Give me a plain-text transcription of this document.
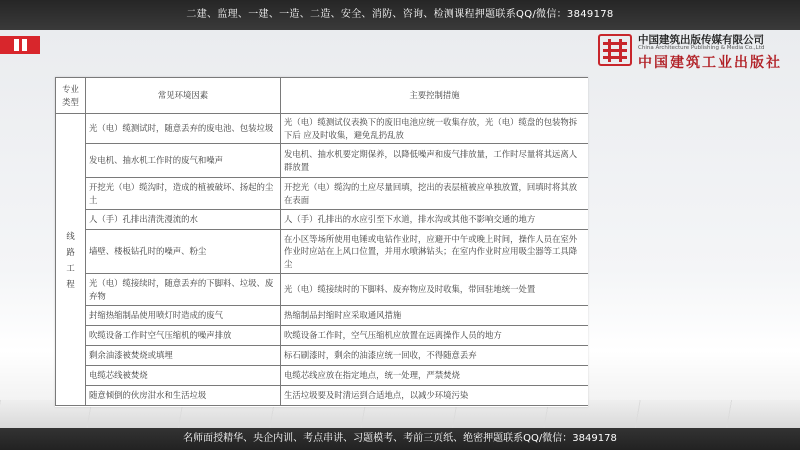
二建、监理、一建、一造、二造、安全、消防、咨询、检测课程押题联系QQ/微信：3849178
中国建筑出版传媒有限公司
China Architecture Publishing & Media Co.,Ltd
中国建筑工业出版社
专业类型	常见环境因素	主要控制措施

线路工程	光（电）缆测试时，随意丢弃的废电池、包装垃圾	光（电）缆测试仪表换下的废旧电池应统一收集存放，光（电）缆盘的包装物拆下后 应及时收集，避免乱扔乱放
	发电机、抽水机工作时的废气和噪声	发电机、抽水机要定期保养，以降低噪声和废气排放量，工作时尽量将其远离人群放置
	开挖光（电）缆沟时，造成的植被破坏、扬起的尘土	开挖光（电）缆沟的土应尽量回填，挖出的表层植被应单独放置，回填时将其放在表面
	人（手）孔排出清洗漫流的水	人（手）孔排出的水应引至下水道，排水沟或其他不影响交通的地方
	墙壁、楼板钻孔时的噪声、粉尘	在小区等场所使用电锤或电钻作业时，应避开中午或晚上时间，操作人员在室外作业时应站在上风口位置，并用水喷淋钻头；在室内作业时应用吸尘器等工具降尘
	光（电）缆接续时，随意丢弃的下脚料、垃圾、废弃物	光（电）缆接续时的下脚料、废弃物应及时收集，带回驻地统一处置
	封缩热缩制品使用喷灯时造成的废气	热缩制品封缩时应采取通风措施
	吹缆设备工作时空气压缩机的噪声排放	吹缆设备工作时，空气压缩机应放置在远离操作人员的地方
	剩余油漆被焚烧或填埋	标石刷漆时，剩余的油漆应统一回收，不得随意丢弃
	电缆芯线被焚烧	电缆芯线应放在指定地点，统一处理，严禁焚烧
	随意倾倒的伙房泔水和生活垃圾	生活垃圾要及时清运到合适地点，以减少环境污染
名师面授精华、央企内训、考点串讲、习题模考、考前三页纸、绝密押题联系QQ/微信：3849178
